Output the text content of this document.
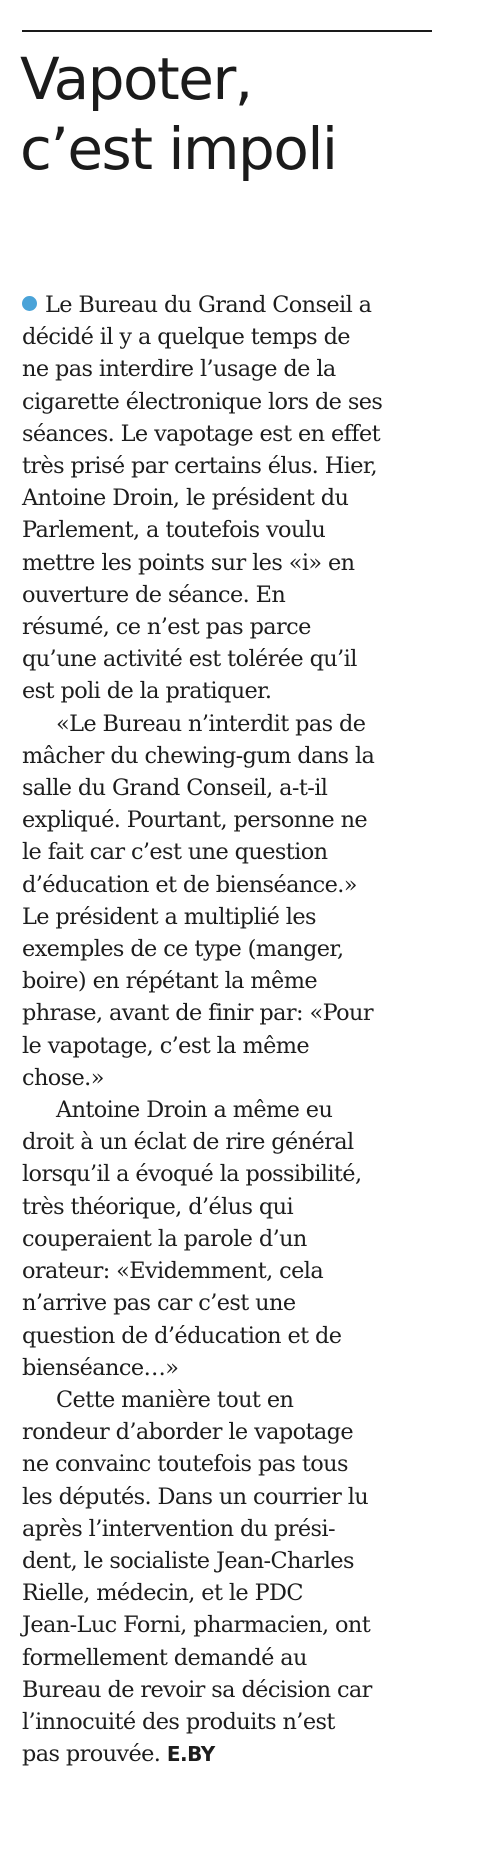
Vapoter,
c’est impoli
Le Bureau du Grand Conseil a
décidé il y a quelque temps de
ne pas interdire l’usage de la
cigarette électronique lors de ses
séances. Le vapotage est en effet
très prisé par certains élus. Hier,
Antoine Droin, le président du
Parlement, a toutefois voulu
mettre les points sur les «i» en
ouverture de séance. En
résumé, ce n’est pas parce
qu’une activité est tolérée qu’il
est poli de la pratiquer.
«Le Bureau n’interdit pas de
mâcher du chewing-gum dans la
salle du Grand Conseil, a-t-il
expliqué. Pourtant, personne ne
le fait car c’est une question
d’éducation et de bienséance.»
Le président a multiplié les
exemples de ce type (manger,
boire) en répétant la même
phrase, avant de finir par: «Pour
le vapotage, c’est la même
chose.»
Antoine Droin a même eu
droit à un éclat de rire général
lorsqu’il a évoqué la possibilité,
très théorique, d’élus qui
couperaient la parole d’un
orateur: «Evidemment, cela
n’arrive pas car c’est une
question de d’éducation et de
bienséance…»
Cette manière tout en
rondeur d’aborder le vapotage
ne convainc toutefois pas tous
les députés. Dans un courrier lu
après l’intervention du prési-
dent, le socialiste Jean-Charles
Rielle, médecin, et le PDC
Jean-Luc Forni, pharmacien, ont
formellement demandé au
Bureau de revoir sa décision car
l’innocuité des produits n’est
pas prouvée. E.BY
